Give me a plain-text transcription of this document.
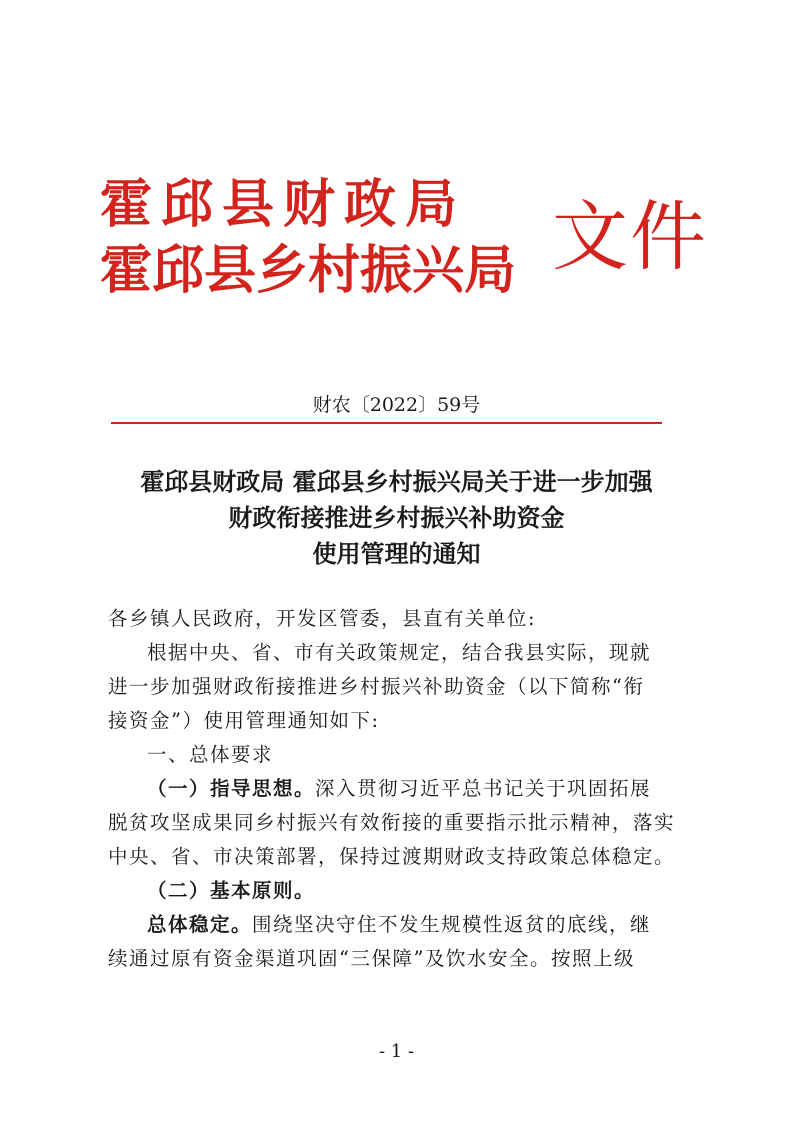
霍邱县财政局
霍邱县乡村振兴局 文件
财农〔2022〕59号
霍邱县财政局 霍邱县乡村振兴局关于进一步加强
财政衔接推进乡村振兴补助资金
使用管理的通知

各乡镇人民政府，开发区管委，县直有关单位:

根据中央、省、市有关政策规定，结合我县实际，现就

进一步加强财政衔接推进乡村振兴补助资金（以下简称“衔

接资金”）使用管理通知如下:

一、总体要求

（一）指导思想。深入贯彻习近平总书记关于巩固拓展

脱贫攻坚成果同乡村振兴有效衔接的重要指示批示精神，落实

中央、省、市决策部署，保持过渡期财政支持政策总体稳定。

（二）基本原则。

总体稳定。围绕坚决守住不发生规模性返贫的底线，继

续通过原有资金渠道巩固“三保障”及饮水安全。按照上级

- 1 -
